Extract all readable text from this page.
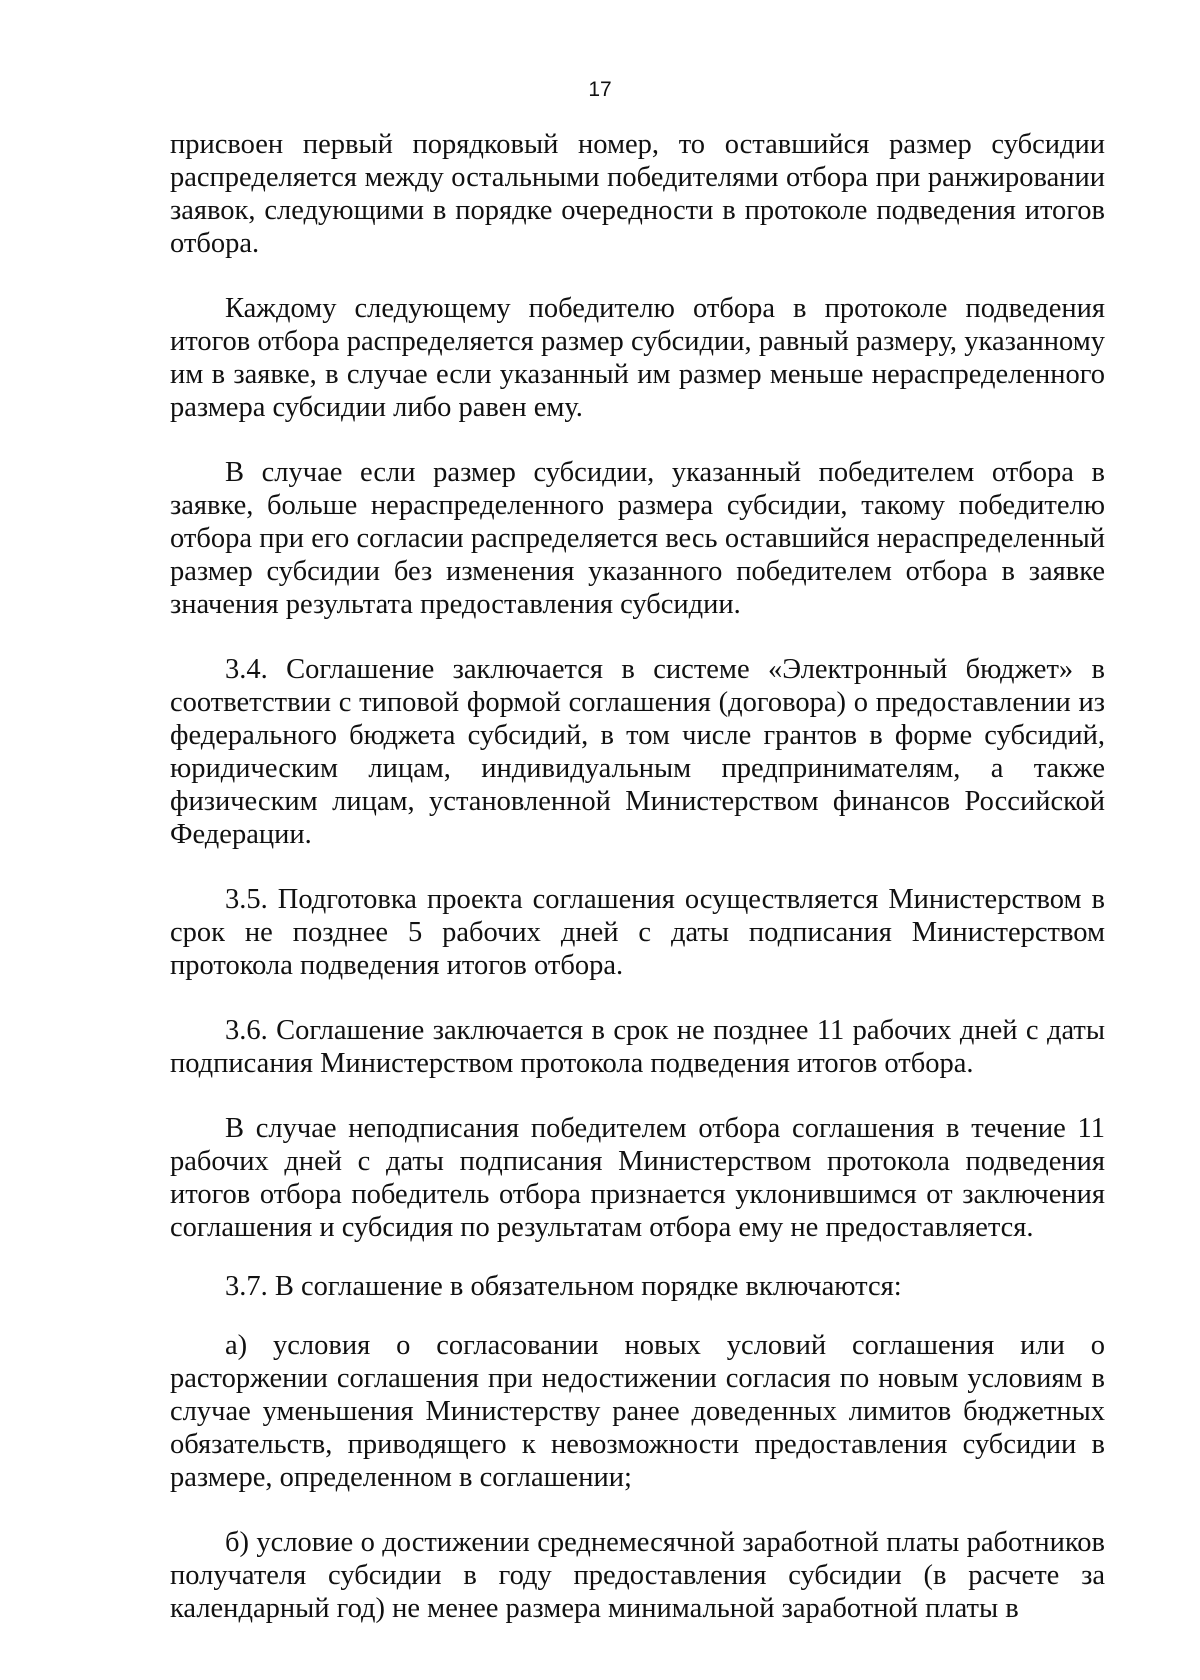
17

присвоен первый порядковый номер, то оставшийся размер субсидии распределяется между остальными победителями отбора при ранжировании заявок, следующими в порядке очередности в протоколе подведения итогов отбора.

Каждому следующему победителю отбора в протоколе подведения итогов отбора распределяется размер субсидии, равный размеру, указанному им в заявке, в случае если указанный им размер меньше нераспределенного размера субсидии либо равен ему.

В случае если размер субсидии, указанный победителем отбора в заявке, больше нераспределенного размера субсидии, такому победителю отбора при его согласии распределяется весь оставшийся нераспределенный размер субсидии без изменения указанного победителем отбора в заявке значения результата предоставления субсидии.

3.4. Соглашение заключается в системе «Электронный бюджет» в соответствии с типовой формой соглашения (договора) о предоставлении из федерального бюджета субсидий, в том числе грантов в форме субсидий, юридическим лицам, индивидуальным предпринимателям, а также физическим лицам, установленной Министерством финансов Российской Федерации.

3.5. Подготовка проекта соглашения осуществляется Министерством в срок не позднее 5 рабочих дней с даты подписания Министерством протокола подведения итогов отбора.

3.6. Соглашение заключается в срок не позднее 11 рабочих дней с даты подписания Министерством протокола подведения итогов отбора.

В случае неподписания победителем отбора соглашения в течение 11 рабочих дней с даты подписания Министерством протокола подведения итогов отбора победитель отбора признается уклонившимся от заключения соглашения и субсидия по результатам отбора ему не предоставляется.

3.7. В соглашение в обязательном порядке включаются:

а) условия о согласовании новых условий соглашения или о расторжении соглашения при недостижении согласия по новым условиям в случае уменьшения Министерству ранее доведенных лимитов бюджетных обязательств, приводящего к невозможности предоставления субсидии в размере, определенном в соглашении;

б) условие о достижении среднемесячной заработной платы работников получателя субсидии в году предоставления субсидии (в расчете за календарный год) не менее размера минимальной заработной платы в
